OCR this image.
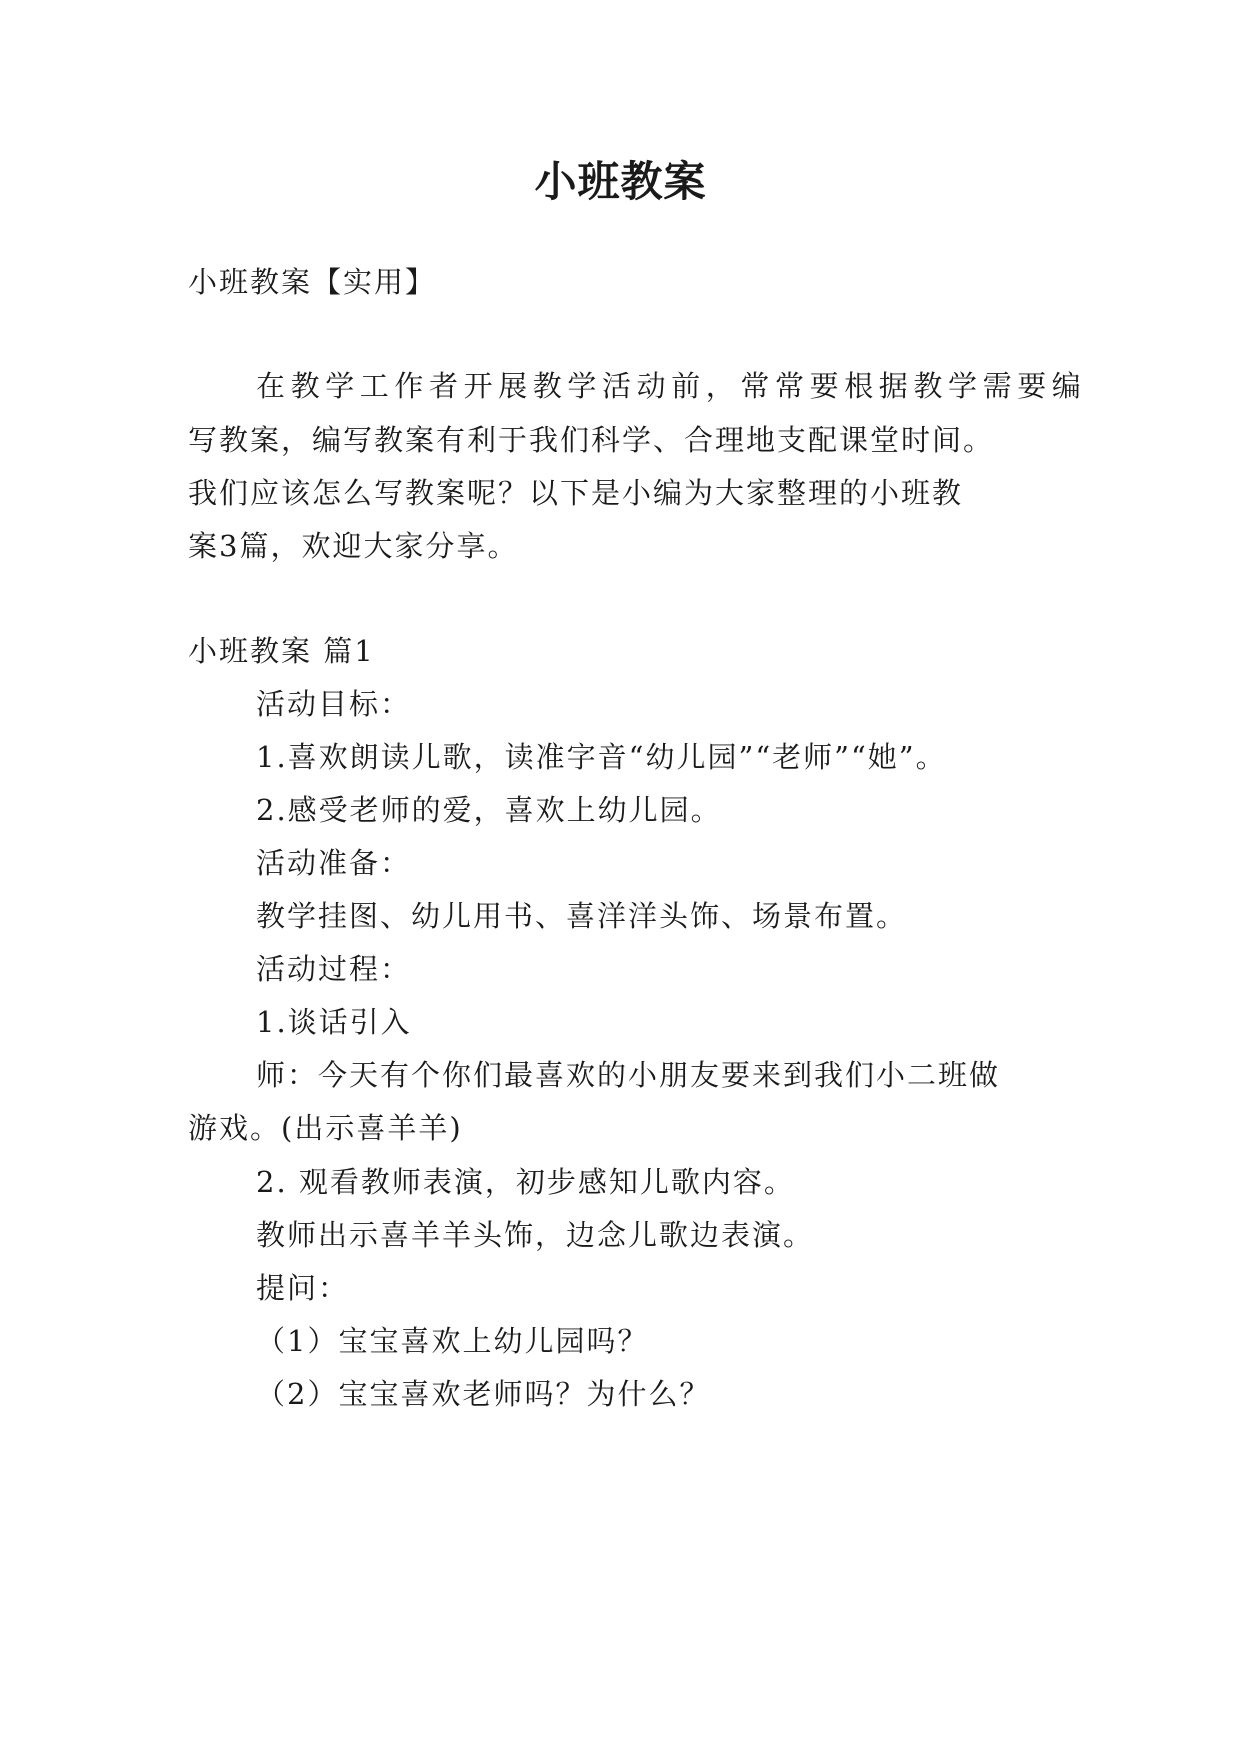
小班教案

小班教案【实用】

在教学工作者开展教学活动前，常常要根据教学需要编

写教案，编写教案有利于我们科学、合理地支配课堂时间。

我们应该怎么写教案呢？以下是小编为大家整理的小班教

案3篇，欢迎大家分享。

小班教案 篇1

活动目标：

1.喜欢朗读儿歌，读准字音“幼儿园”“老师”“她”。

2.感受老师的爱，喜欢上幼儿园。

活动准备：

教学挂图、幼儿用书、喜洋洋头饰、场景布置。

活动过程：

1.谈话引入

师：今天有个你们最喜欢的小朋友要来到我们小二班做

游戏。(出示喜羊羊)

2. 观看教师表演，初步感知儿歌内容。

教师出示喜羊羊头饰，边念儿歌边表演。

提问：

（1）宝宝喜欢上幼儿园吗？

（2）宝宝喜欢老师吗？为什么？
